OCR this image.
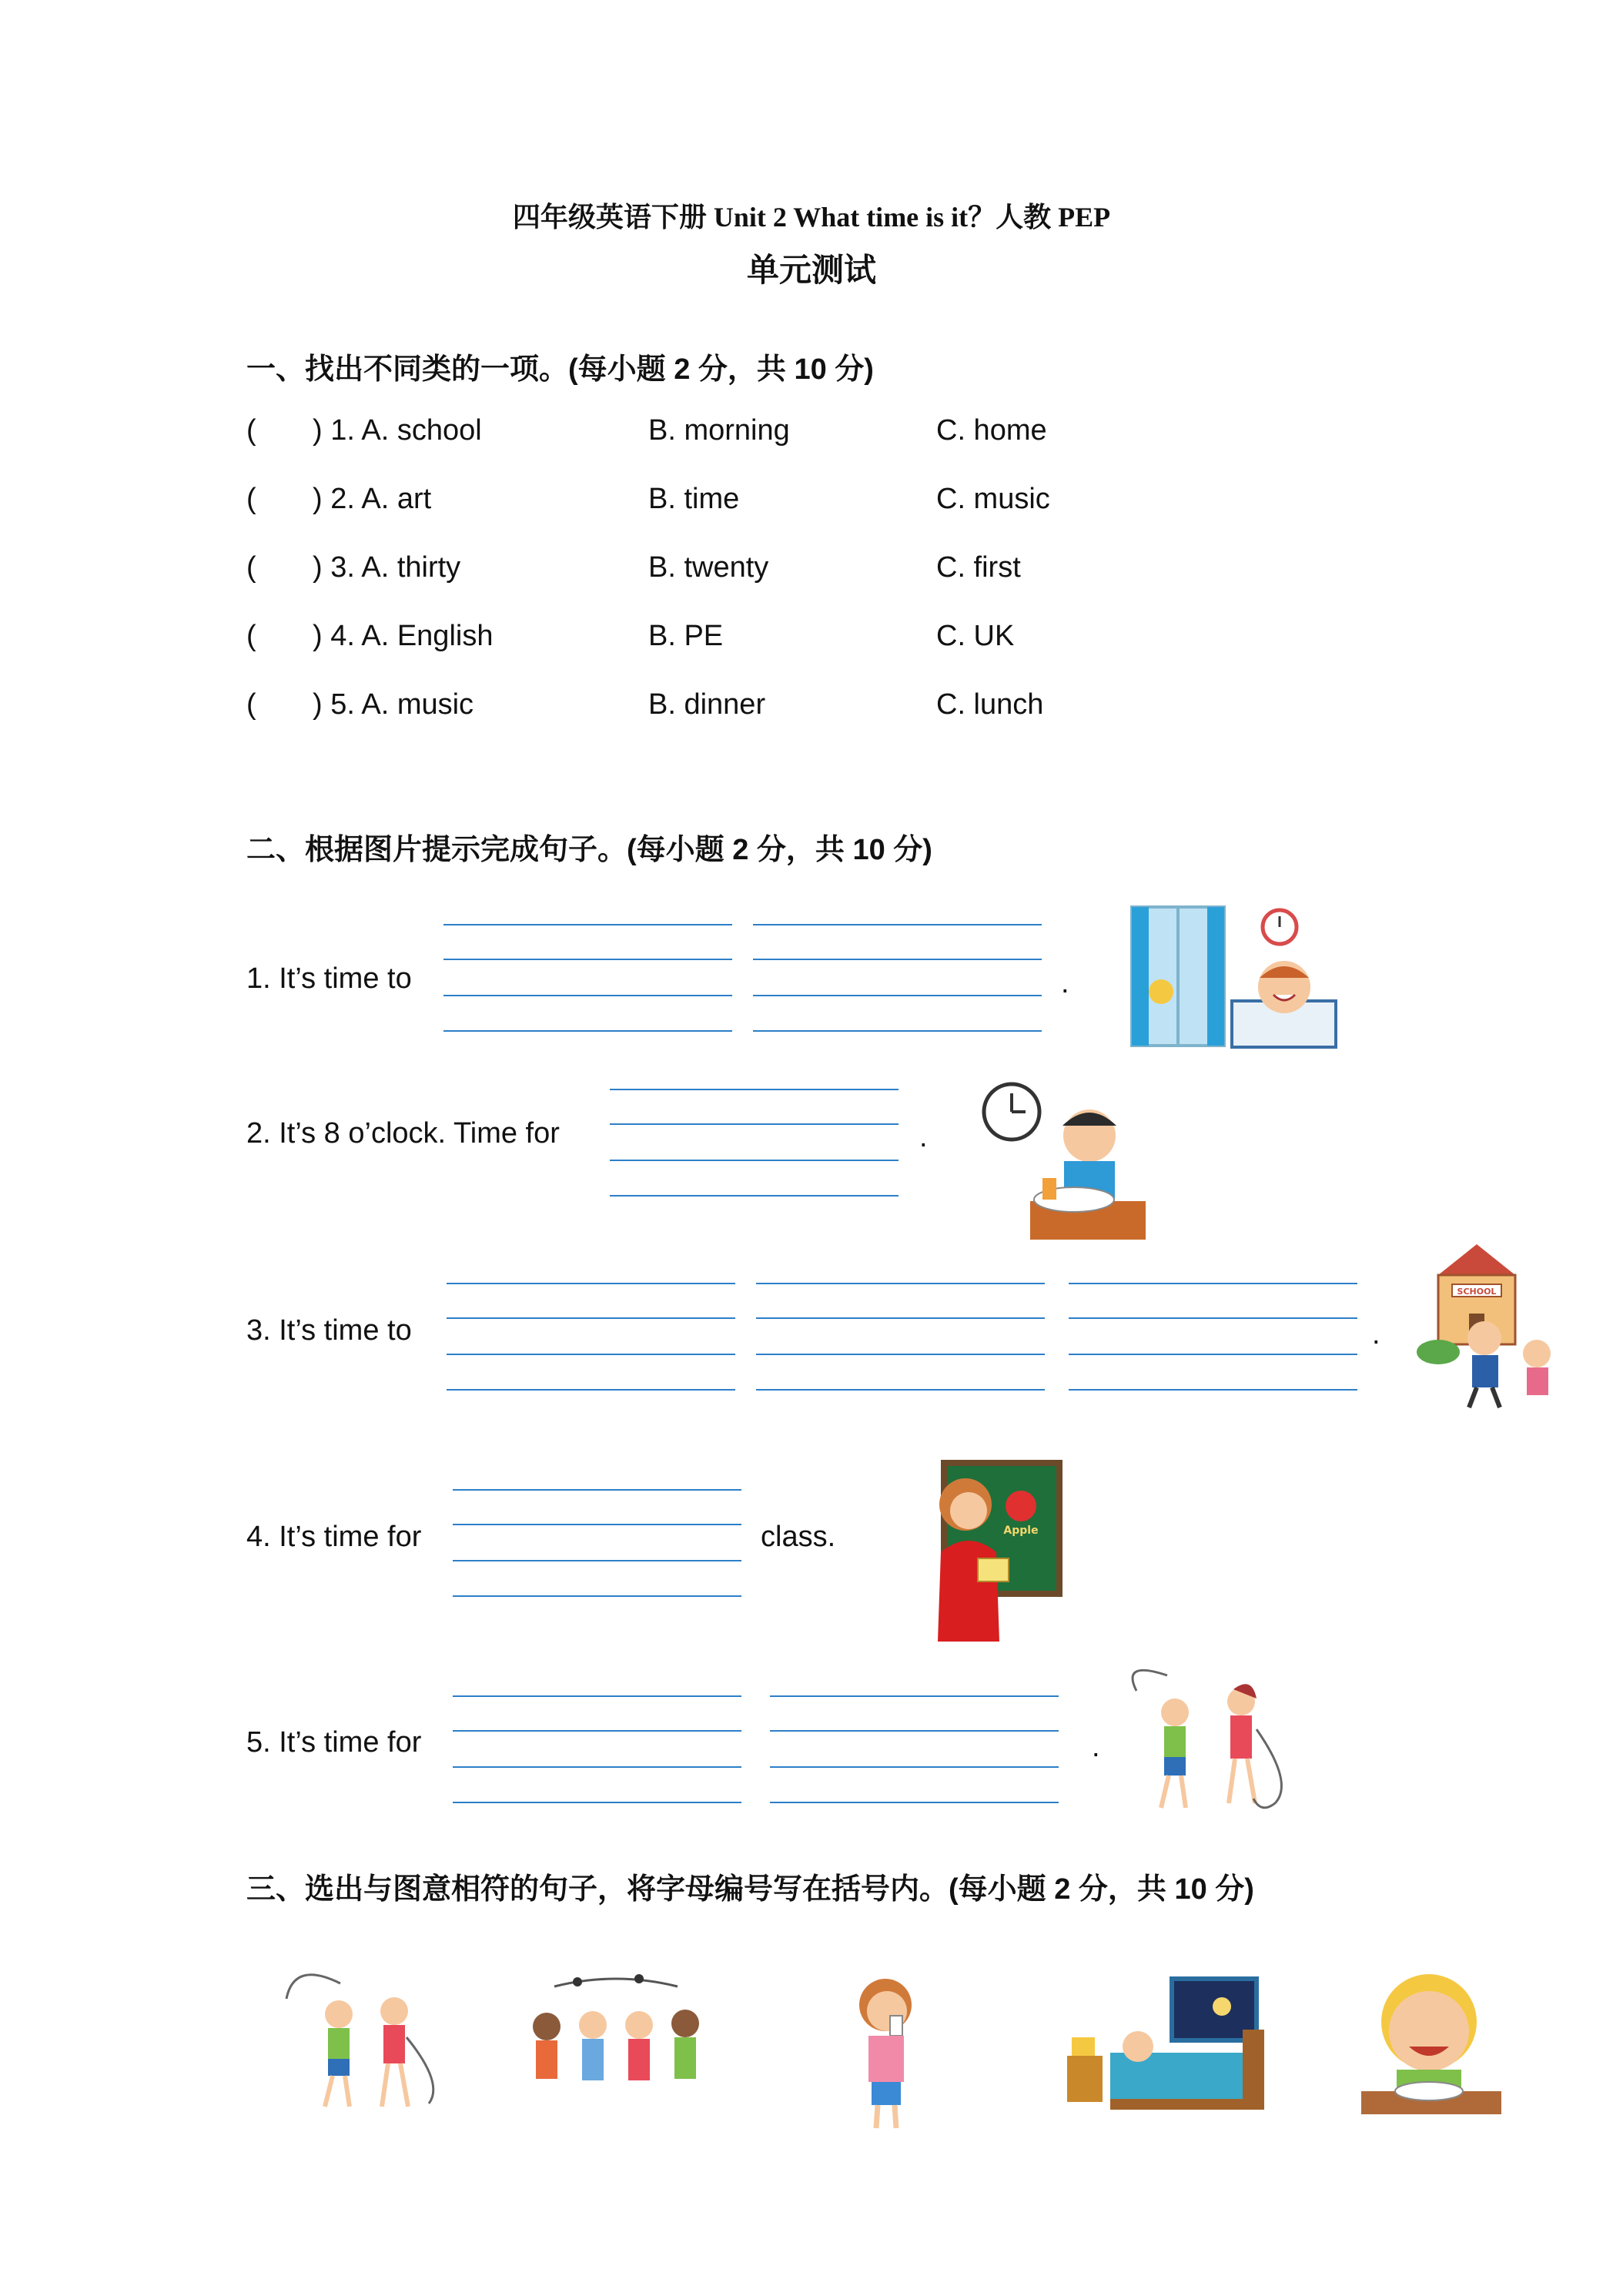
四年级英语下册 Unit 2 What time is it？人教 PEP
单元测试
一、找出不同类的一项。(每小题 2 分，共 10 分)
( ) 1. A. school	B. morning	C. home
( ) 2. A. art	B. time	C. music
( ) 3. A. thirty	B. twenty	C. first
( ) 4. A. English	B. PE	C. UK
( ) 5. A. music	B. dinner	C. lunch
二、根据图片提示完成句子。(每小题 2 分，共 10 分)
1. It’s time to	.
2. It’s 8 o’clock. Time for	.
3. It’s time to	.
SCHOOL
4. It’s time for	class.	Apple
5. It’s time for	.
三、选出与图意相符的句子，将字母编号写在括号内。(每小题 2 分，共 10 分)
